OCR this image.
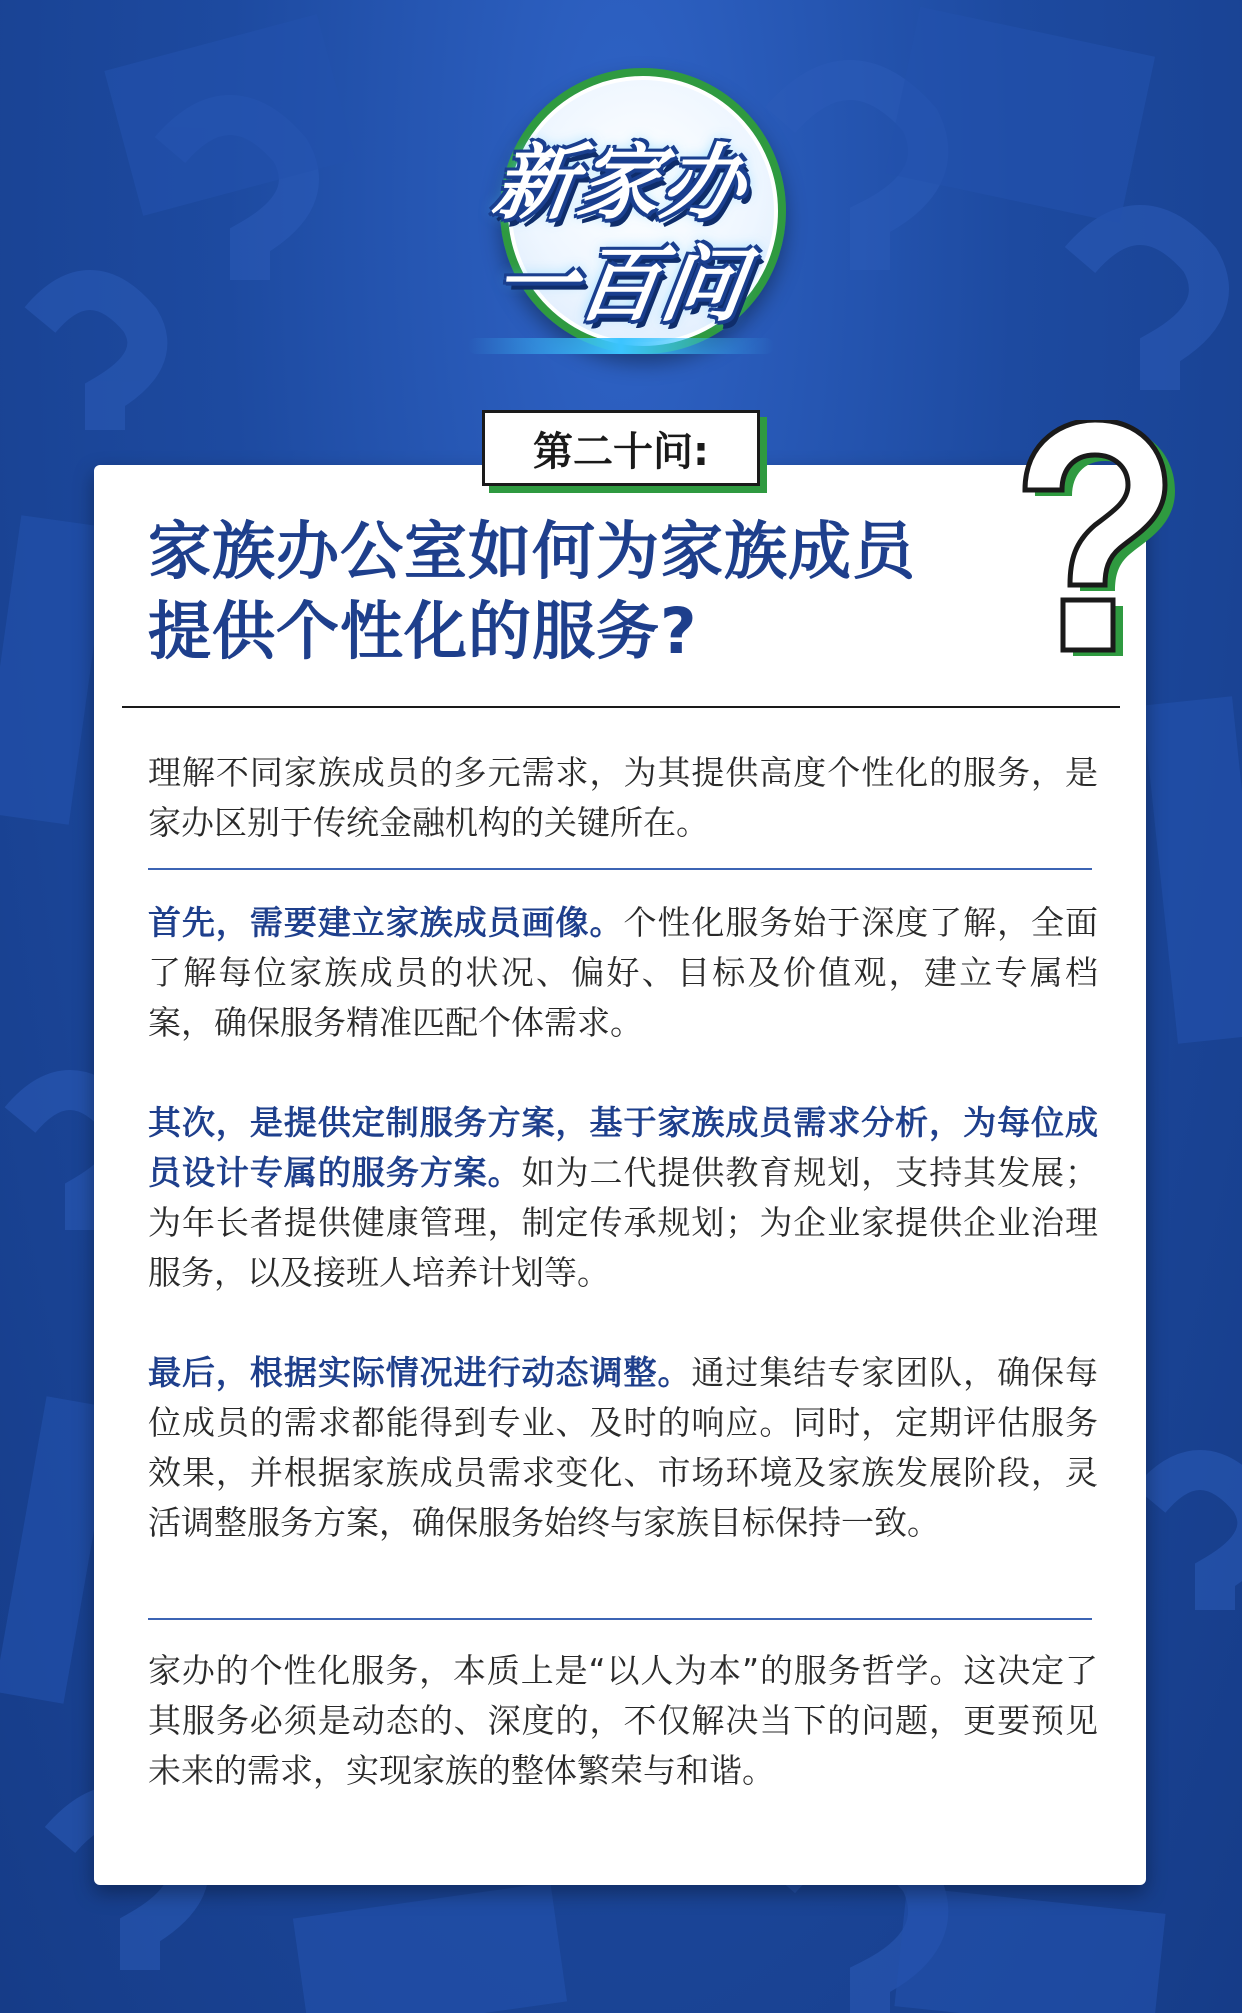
新家办
一百问
第二十问:
家族办公室如何为家族成员
提供个性化的服务?
理解不同家族成员的多元需求，为其提供高度个性化的服务，是家办区别于传统金融机构的关键所在。
首先，需要建立家族成员画像。个性化服务始于深度了解，全面了解每位家族成员的状况、偏好、目标及价值观，建立专属档案，确保服务精准匹配个体需求。
其次，是提供定制服务方案，基于家族成员需求分析，为每位成员设计专属的服务方案。如为二代提供教育规划，支持其发展；为年长者提供健康管理，制定传承规划；为企业家提供企业治理服务，以及接班人培养计划等。
最后，根据实际情况进行动态调整。通过集结专家团队，确保每位成员的需求都能得到专业、及时的响应。同时，定期评估服务效果，并根据家族成员需求变化、市场环境及家族发展阶段，灵活调整服务方案，确保服务始终与家族目标保持一致。
家办的个性化服务，本质上是“以人为本”的服务哲学。这决定了其服务必须是动态的、深度的，不仅解决当下的问题，更要预见未来的需求，实现家族的整体繁荣与和谐。
